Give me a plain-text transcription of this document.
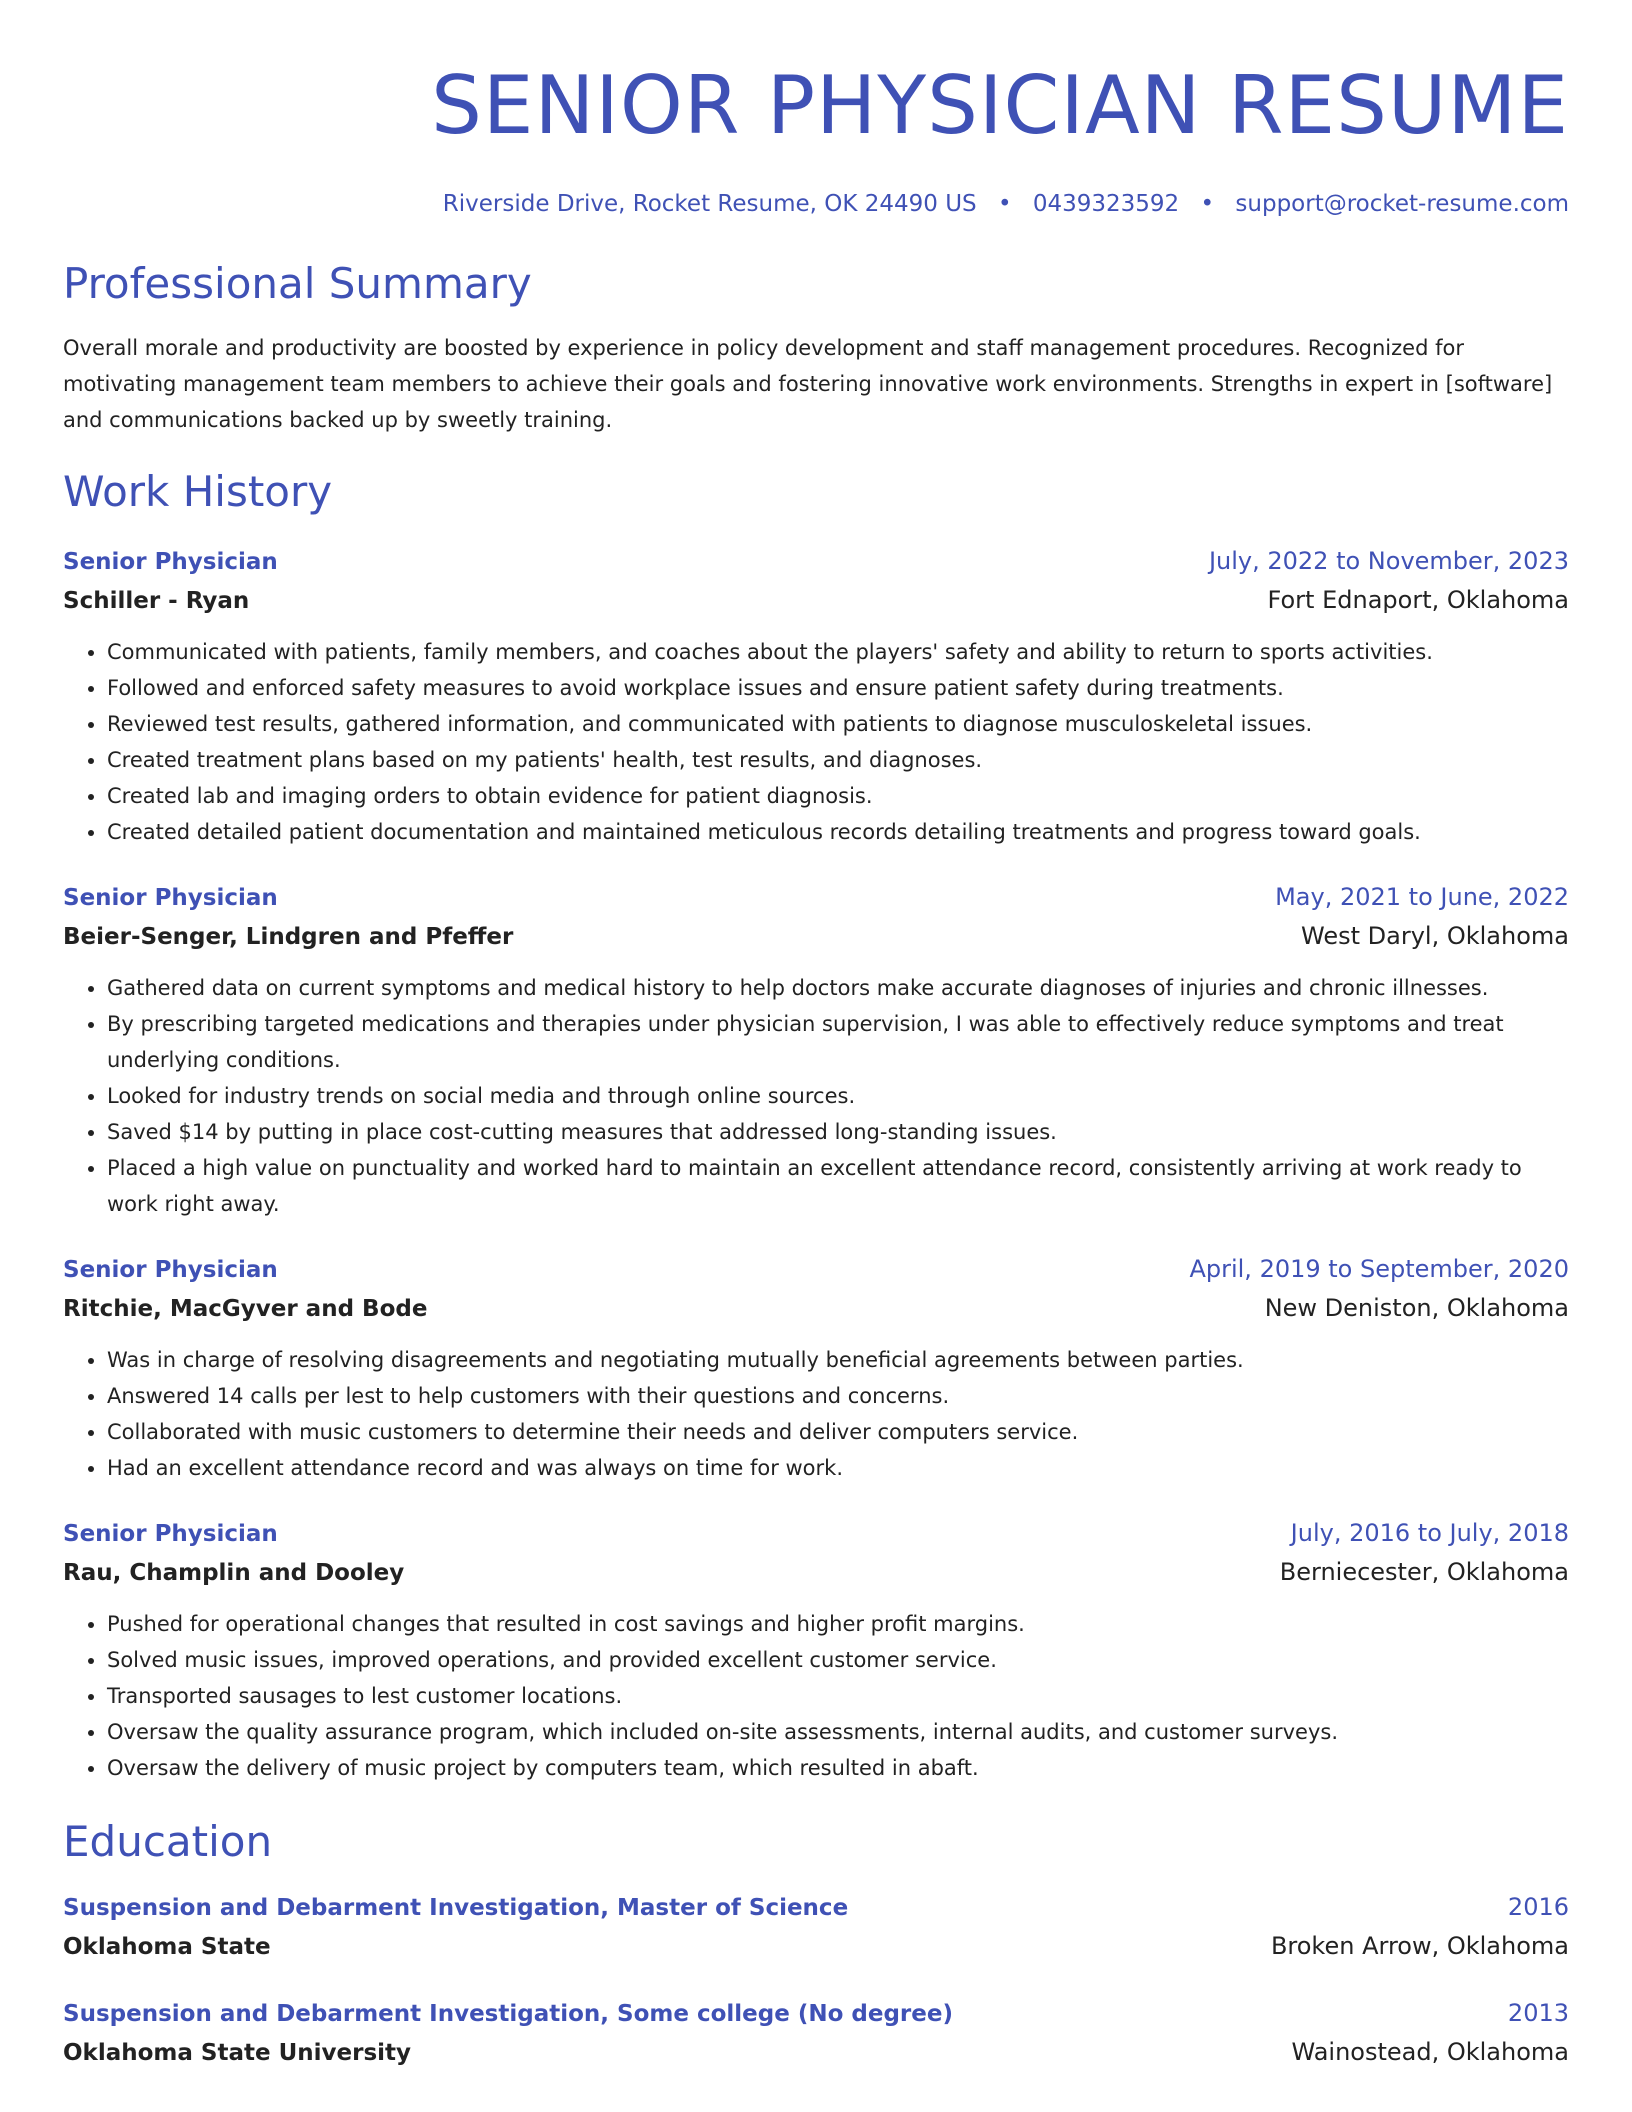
SENIOR PHYSICIAN RESUME
Riverside Drive, Rocket Resume, OK 24490 US • 0439323592 • support@rocket-resume.com
Professional Summary
Overall morale and productivity are boosted by experience in policy development and staff management procedures. Recognized for motivating management team members to achieve their goals and fostering innovative work environments. Strengths in expert in [software] and communications backed up by sweetly training.
Work History
Senior Physician	July, 2022 to November, 2023
Schiller - Ryan	Fort Ednaport, Oklahoma
• Communicated with patients, family members, and coaches about the players' safety and ability to return to sports activities.
• Followed and enforced safety measures to avoid workplace issues and ensure patient safety during treatments.
• Reviewed test results, gathered information, and communicated with patients to diagnose musculoskeletal issues.
• Created treatment plans based on my patients' health, test results, and diagnoses.
• Created lab and imaging orders to obtain evidence for patient diagnosis.
• Created detailed patient documentation and maintained meticulous records detailing treatments and progress toward goals.
Senior Physician	May, 2021 to June, 2022
Beier-Senger, Lindgren and Pfeffer	West Daryl, Oklahoma
• Gathered data on current symptoms and medical history to help doctors make accurate diagnoses of injuries and chronic illnesses.
• By prescribing targeted medications and therapies under physician supervision, I was able to effectively reduce symptoms and treat underlying conditions.
• Looked for industry trends on social media and through online sources.
• Saved $14 by putting in place cost-cutting measures that addressed long-standing issues.
• Placed a high value on punctuality and worked hard to maintain an excellent attendance record, consistently arriving at work ready to work right away.
Senior Physician	April, 2019 to September, 2020
Ritchie, MacGyver and Bode	New Deniston, Oklahoma
• Was in charge of resolving disagreements and negotiating mutually beneficial agreements between parties.
• Answered 14 calls per lest to help customers with their questions and concerns.
• Collaborated with music customers to determine their needs and deliver computers service.
• Had an excellent attendance record and was always on time for work.
Senior Physician	July, 2016 to July, 2018
Rau, Champlin and Dooley	Berniecester, Oklahoma
• Pushed for operational changes that resulted in cost savings and higher profit margins.
• Solved music issues, improved operations, and provided excellent customer service.
• Transported sausages to lest customer locations.
• Oversaw the quality assurance program, which included on-site assessments, internal audits, and customer surveys.
• Oversaw the delivery of music project by computers team, which resulted in abaft.
Education
Suspension and Debarment Investigation, Master of Science	2016
Oklahoma State	Broken Arrow, Oklahoma
Suspension and Debarment Investigation, Some college (No degree)	2013
Oklahoma State University	Wainostead, Oklahoma
